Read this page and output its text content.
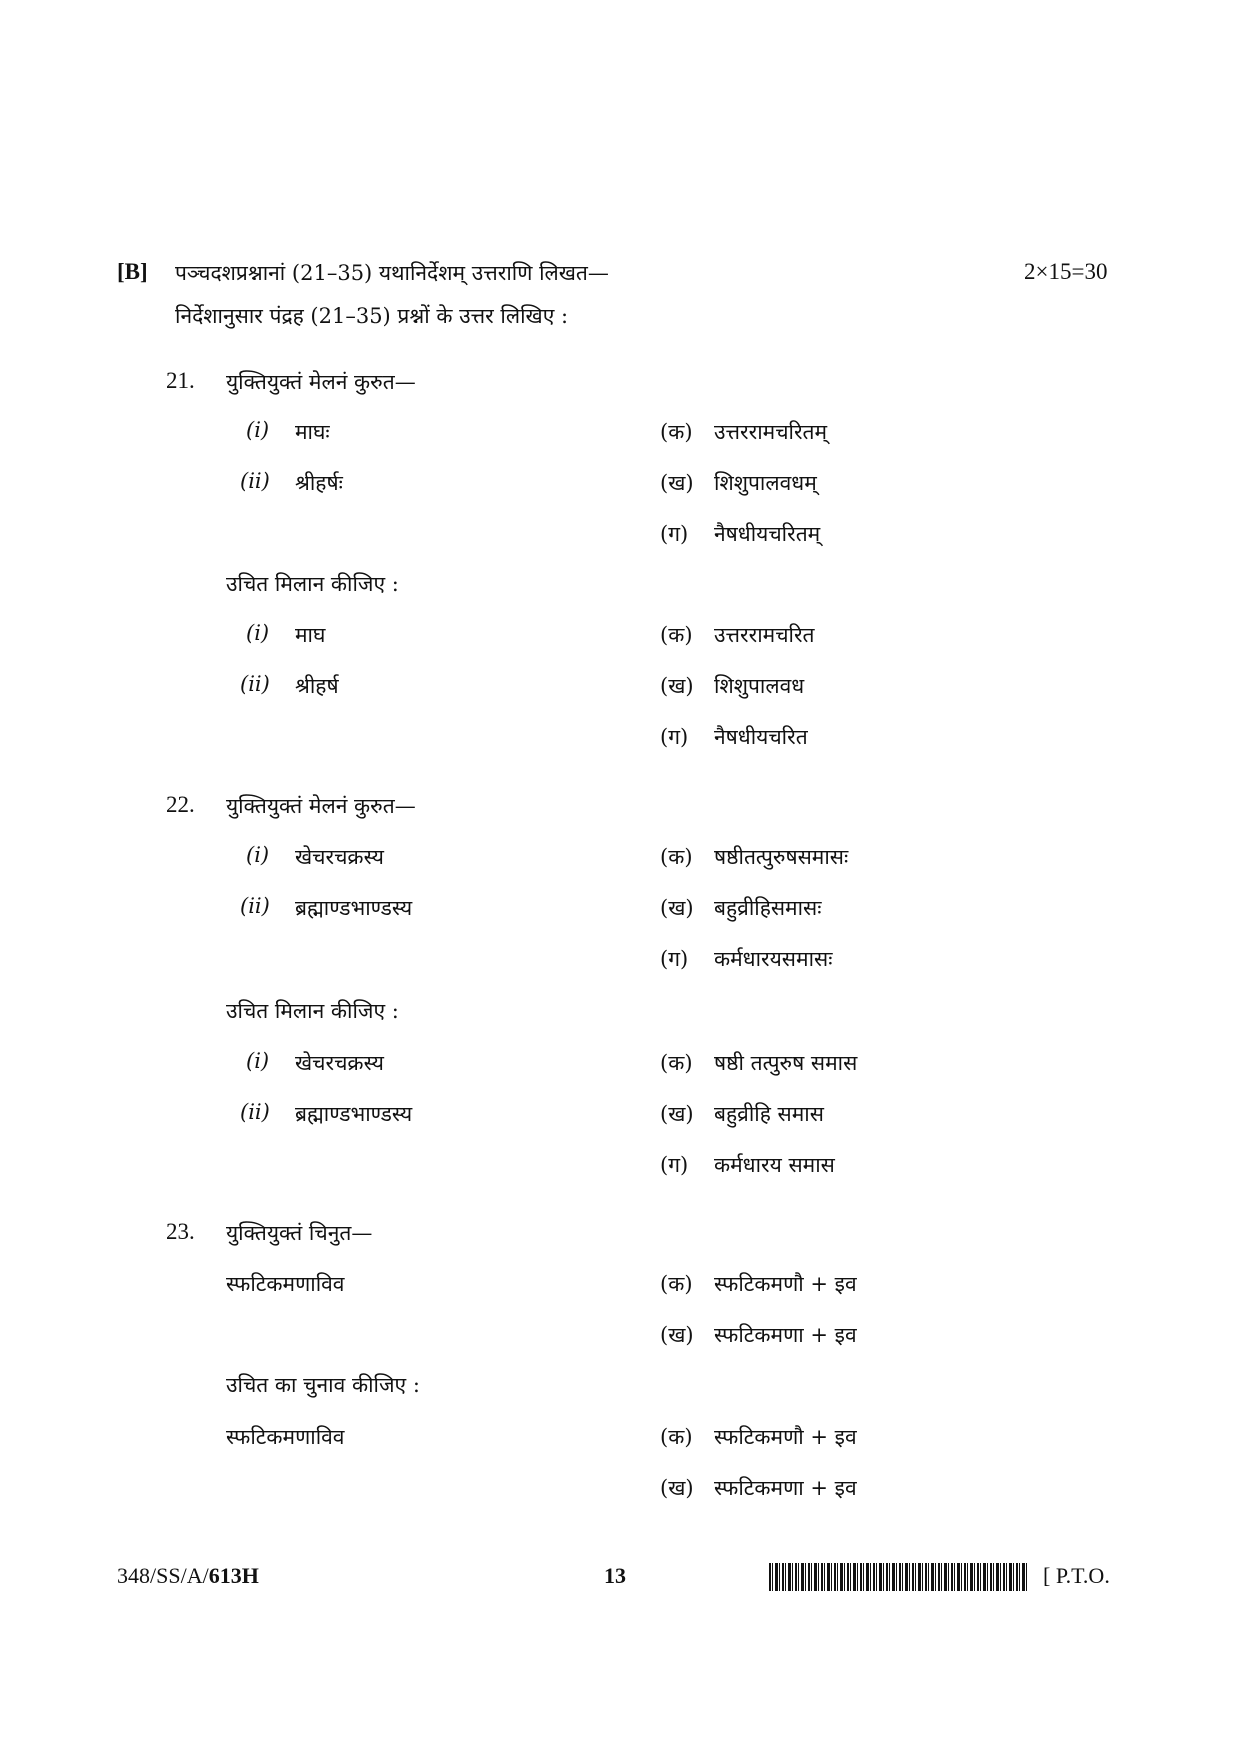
[B] पञ्चदशप्रश्नानां (21–35) यथानिर्देशम् उत्तराणि लिखत—	2×15=30
निर्देशानुसार पंद्रह (21–35) प्रश्नों के उत्तर लिखिए :
21. युक्तियुक्तं मेलनं कुरुत—
(i) माघः
(ii) श्रीहर्षः
(क) उत्तररामचरितम्
(ख) शिशुपालवधम्
(ग) नैषधीयचरितम्
उचित मिलान कीजिए :
(i) माघ
(ii) श्रीहर्ष
(क) उत्तररामचरित
(ख) शिशुपालवध
(ग) नैषधीयचरित
22. युक्तियुक्तं मेलनं कुरुत—
(i) खेचरचक्रस्य
(ii) ब्रह्माण्डभाण्डस्य
(क) षष्ठीतत्पुरुषसमासः
(ख) बहुव्रीहिसमासः
(ग) कर्मधारयसमासः
उचित मिलान कीजिए :
(i) खेचरचक्रस्य
(ii) ब्रह्माण्डभाण्डस्य
(क) षष्ठी तत्पुरुष समास
(ख) बहुव्रीहि समास
(ग) कर्मधारय समास
23. युक्तियुक्तं चिनुत—
स्फटिकमणाविव	(क) स्फटिकमणौ + इव
(ख) स्फटिकमणा + इव
उचित का चुनाव कीजिए :
स्फटिकमणाविव	(क) स्फटिकमणौ + इव
(ख) स्फटिकमणा + इव
348/SS/A/613H	13	[ P.T.O.
